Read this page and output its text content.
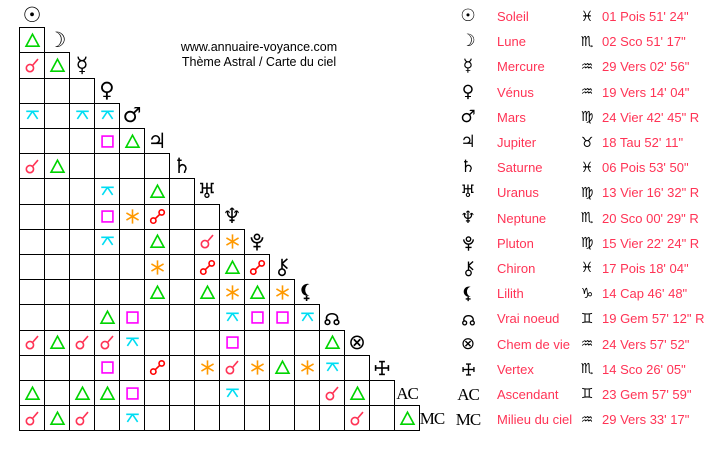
www.annuaire-voyance.com
Thème Astral / Carte du ciel
☉
☽
☿
♀
♂
♃
♄
♅
♆
⊗
AC
MC
☉ Soleil	♓ 01 Pois 51' 24"
☽ Lune	♏ 02 Sco 51' 17"
☿ Mercure	♒ 29 Vers 02' 56"
♀ Vénus	♒ 19 Vers 14' 04"
♂ Mars	♍ 24 Vier 42' 45" R
♃ Jupiter	♉ 18 Tau 52' 11"
♄ Saturne	♓ 06 Pois 53' 50"
♅ Uranus	♍ 13 Vier 16' 32" R
♆ Neptune	♏ 20 Sco 00' 29" R
Pluton	♍ 15 Vier 22' 24" R
Chiron	♓ 17 Pois 18' 04"
Lilith	♑ 14 Cap 46' 48"
Vrai noeud	♊ 19 Gem 57' 12" R
⊗ Chem de vie ♒ 24 Vers 57' 52"
Vertex	♏ 14 Sco 26' 05"
AC Ascendant	♊ 23 Gem 57' 59"
MC Milieu du ciel ♒ 29 Vers 33' 17"
